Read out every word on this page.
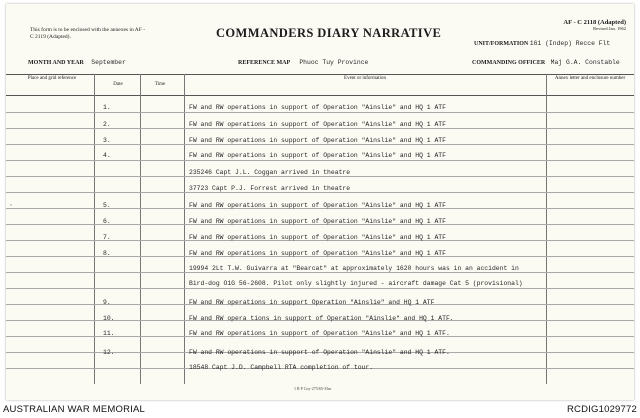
This form is to be enclosed with the annexes in AF - C 2119 (Adapted).	COMMANDERS DIARY NARRATIVE
AF - C 2118 (Adapted)
Revised Jan. 1962
UNIT/FORMATION 161 (Indep) Recce Flt
MONTH AND YEAR September	REFERENCE MAP Phuoc Tuy Province	COMMANDING OFFICER Maj G.A. Constable
Place and grid reference
Date	Time
Event or information	Annex letter and enclosure number
1.	FW and RW operations in support of Operation "Ainslie" and HQ 1 ATF
2.	FW and RW operations in support of Operation "Ainslie" and HQ 1 ATF
3.	FW and RW operations in support of Operation "Ainslie" and HQ 1 ATF
4.	FW and RW operations in support of Operation "Ainslie" and HQ 1 ATF
235246 Capt J.L. Coggan arrived in theatre
37723 Capt P.J. Forrest arrived in theatre
5.	FW and RW operations in support of Operation "Ainslie" and HQ 1 ATF
6.	FW and RW operations in support of Operation "Ainslie" and HQ 1 ATF
7.	FW and RW operations in support of Operation "Ainslie" and HQ 1 ATF
8.	FW and RW operations in support of Operation "Ainslie" and HQ 1 ATF
19994 2Lt T.W. Guivarra at "Bearcat" at approximately 1620 hours was in an accident in
Bird-dog O1G 56-2608. Pilot only slightly injured - aircraft damage Cat 5 (provisional)
9.	FW and RW operations in support Operation "Ainslie" and HQ 1 ATF
10.	FW and RW opera tions in support of Operation "Ainslie" and HQ 1 ATF.
11.	FW and RW operations in support of Operation "Ainslie" and HQ 1 ATF.
12.	FW and RW operations in support of Operation "Ainslie" and HQ 1 ATF.
18548 Capt J.D. Campbell RTA completion of tour.
1 R P Coy-275/65-35m
AUSTRALIAN WAR MEMORIAL	RCDIG1029772
